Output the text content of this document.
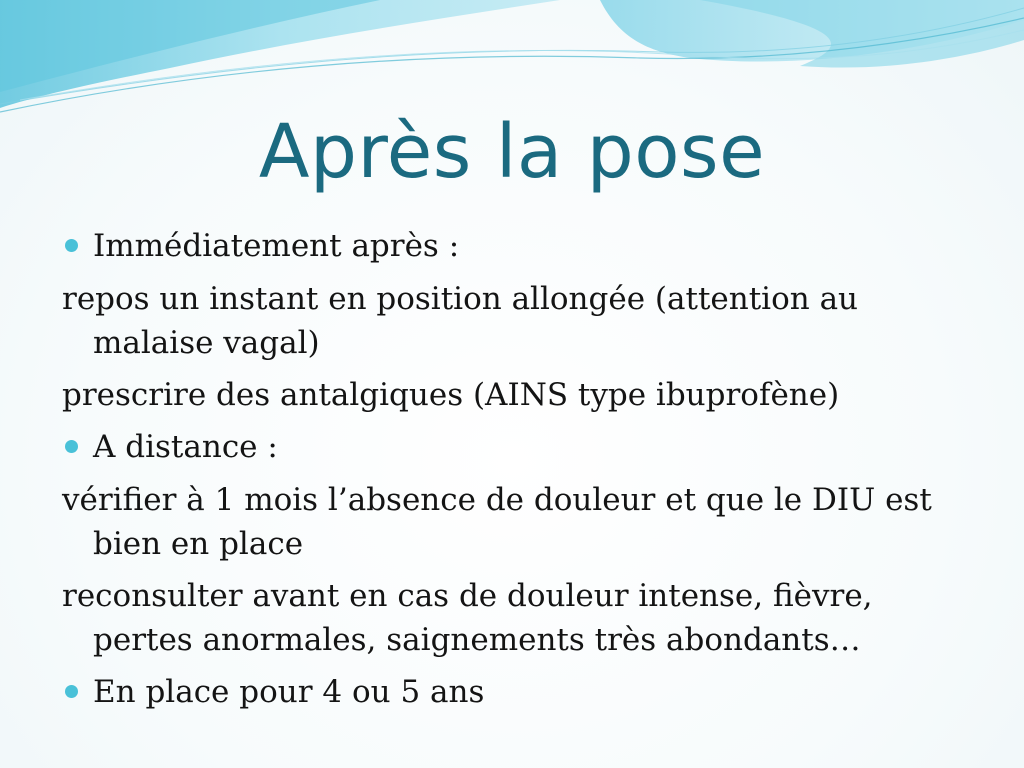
Après la pose
Immédiatement après :
repos un instant en position allongée (attention au malaise vagal)
prescrire des antalgiques (AINS type ibuprofène)
A distance :
vérifier à 1 mois l’absence de douleur et que le DIU est bien en place
reconsulter avant en cas de douleur intense, fièvre, pertes anormales, saignements très abondants…
En place pour 4 ou 5 ans
